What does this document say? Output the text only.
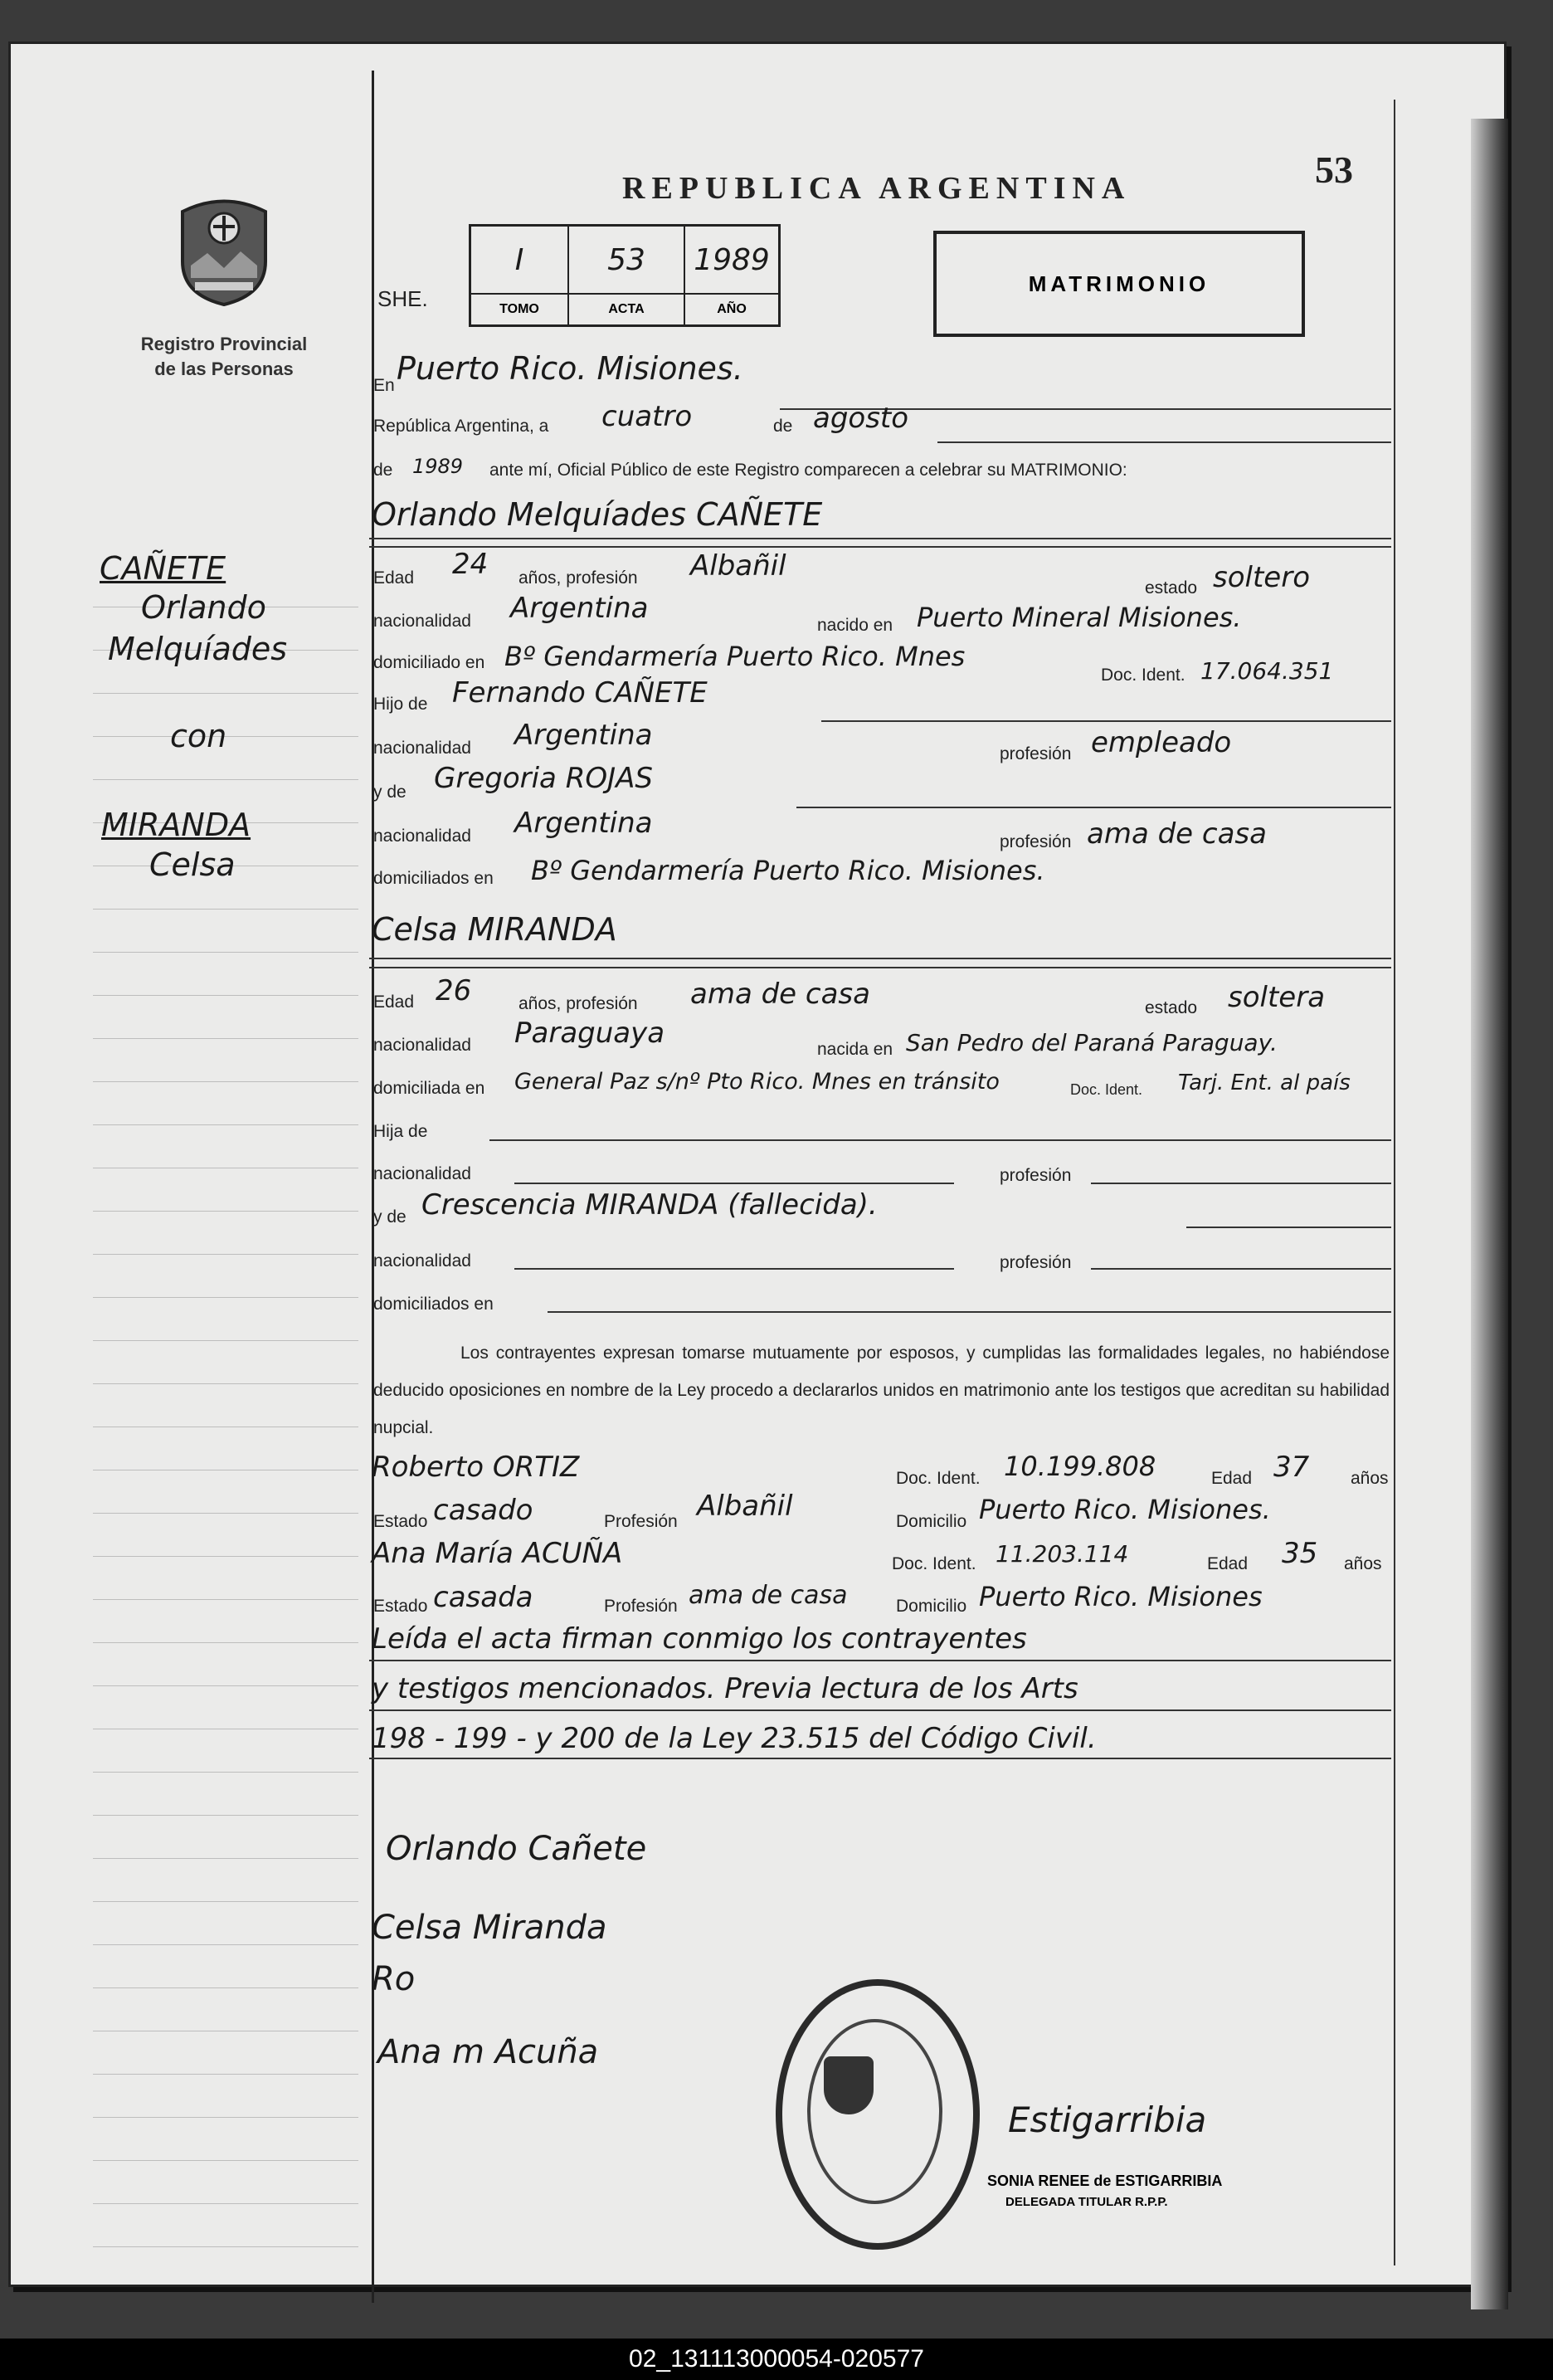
Registro Provincial
de las Personas
REPUBLICA ARGENTINA	53
SHE.
I	53	1989
TOMO	ACTA	AÑO
MATRIMONIO
CAÑETE
Orlando
Melquíades
con
MIRANDA
Celsa
En Puerto Rico. Misiones.
República Argentina, a cuatro	de agosto
de 1989 ante mí, Oficial Público de este Registro comparecen a celebrar su MATRIMONIO:
Orlando Melquíades CAÑETE
Edad 24 años, profesión Albañil
estado soltero
nacionalidad Argentina
nacido en Puerto Mineral Misiones.
domiciliado en Bº Gendarmería Puerto Rico. Mnes
Doc. Ident. 17.064.351
Hijo de Fernando CAÑETE
nacionalidad Argentina
profesión empleado
y de Gregoria ROJAS
nacionalidad Argentina
profesión ama de casa
domiciliados en Bº Gendarmería Puerto Rico. Misiones.
Celsa MIRANDA
Edad 26	años, profesión ama de casa	estado soltera
nacionalidad Paraguaya	nacida en San Pedro del Paraná Paraguay.
domiciliada en General Paz s/nº Pto Rico. Mnes en tránsito	Doc. Ident. Tarj. Ent. al país
Hija de
nacionalidad	profesión
y de Crescencia MIRANDA (fallecida).
nacionalidad	profesión
domiciliados en
Los contrayentes expresan tomarse mutuamente por esposos, y cumplidas las formalidades legales, no habiéndose deducido oposiciones en nombre de la Ley procedo a declararlos unidos en matrimonio ante los testigos que acreditan su habilidad nupcial.
Roberto ORTIZ	Doc. Ident. 10.199.808	Edad 37 años
Estado casado	Profesión Albañil	Domicilio Puerto Rico. Misiones.
Ana María ACUÑA	Doc. Ident. 11.203.114	Edad 35 años
Estado casada	Profesión ama de casa	Domicilio Puerto Rico. Misiones
Leída el acta firman conmigo los contrayentes
y testigos mencionados. Previa lectura de los Arts
198 - 199 - y 200 de la Ley 23.515 del Código Civil.
Orlando Cañete
Celsa Miranda
Ro
Ana m Acuña
Estigarribia
SONIA RENEE de ESTIGARRIBIA
DELEGADA TITULAR R.P.P.
02_131113000054-020577
